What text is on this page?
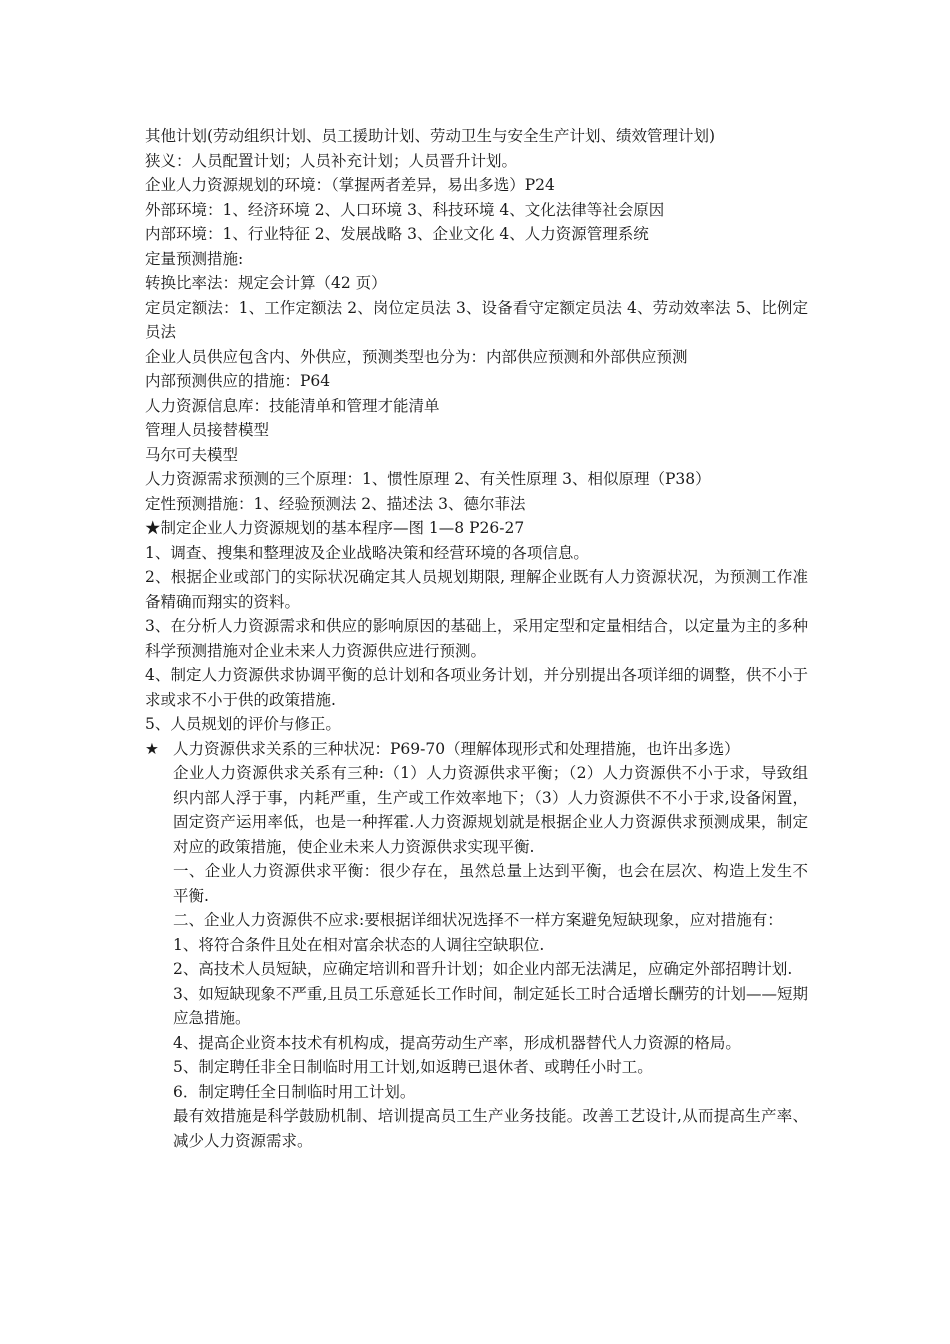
其他计划(劳动组织计划、员工援助计划、劳动卫生与安全生产计划、绩效管理计划)
狭义：人员配置计划；人员补充计划；人员晋升计划。
企业人力资源规划的环境：（掌握两者差异，易出多选）P24
外部环境：1、经济环境 2、人口环境 3、科技环境 4、文化法律等社会原因
内部环境：1、行业特征 2、发展战略 3、企业文化 4、人力资源管理系统
定量预测措施:
转换比率法：规定会计算（42 页）
定员定额法：1、工作定额法 2、岗位定员法 3、设备看守定额定员法 4、劳动效率法 5、比例定员法
企业人员供应包含内、外供应，预测类型也分为：内部供应预测和外部供应预测
内部预测供应的措施：P64
人力资源信息库：技能清单和管理才能清单
管理人员接替模型
马尔可夫模型
人力资源需求预测的三个原理：1、惯性原理 2、有关性原理 3、相似原理（P38）
定性预测措施：1、经验预测法 2、描述法 3、德尔菲法
★制定企业人力资源规划的基本程序—图 1—8 P26-27
1、调查、搜集和整理波及企业战略决策和经营环境的各项信息。
2、根据企业或部门的实际状况确定其人员规划期限, 理解企业既有人力资源状况，为预测工作准备精确而翔实的资料。
3、在分析人力资源需求和供应的影响原因的基础上，采用定型和定量相结合，以定量为主的多种科学预测措施对企业未来人力资源供应进行预测。
4、制定人力资源供求协调平衡的总计划和各项业务计划，并分别提出各项详细的调整，供不小于求或求不小于供的政策措施.
5、人员规划的评价与修正。
★ 人力资源供求关系的三种状况：P69-70（理解体现形式和处理措施，也许出多选）
企业人力资源供求关系有三种:（1）人力资源供求平衡；（2）人力资源供不小于求，导致组织内部人浮于事，内耗严重，生产或工作效率地下；（3）人力资源供不不小于求,设备闲置，固定资产运用率低，也是一种挥霍.人力资源规划就是根据企业人力资源供求预测成果，制定对应的政策措施，使企业未来人力资源供求实现平衡.
一、企业人力资源供求平衡：很少存在，虽然总量上达到平衡，也会在层次、构造上发生不平衡.
二、企业人力资源供不应求:要根据详细状况选择不一样方案避免短缺现象，应对措施有：
1、将符合条件且处在相对富余状态的人调往空缺职位.
2、高技术人员短缺，应确定培训和晋升计划；如企业内部无法满足，应确定外部招聘计划.
3、如短缺现象不严重,且员工乐意延长工作时间，制定延长工时合适增长酬劳的计划——短期应急措施。
4、提高企业资本技术有机构成，提高劳动生产率，形成机器替代人力资源的格局。
5、制定聘任非全日制临时用工计划,如返聘已退休者、或聘任小时工。
6．制定聘任全日制临时用工计划。
最有效措施是科学鼓励机制、培训提高员工生产业务技能。改善工艺设计,从而提高生产率、减少人力资源需求。
